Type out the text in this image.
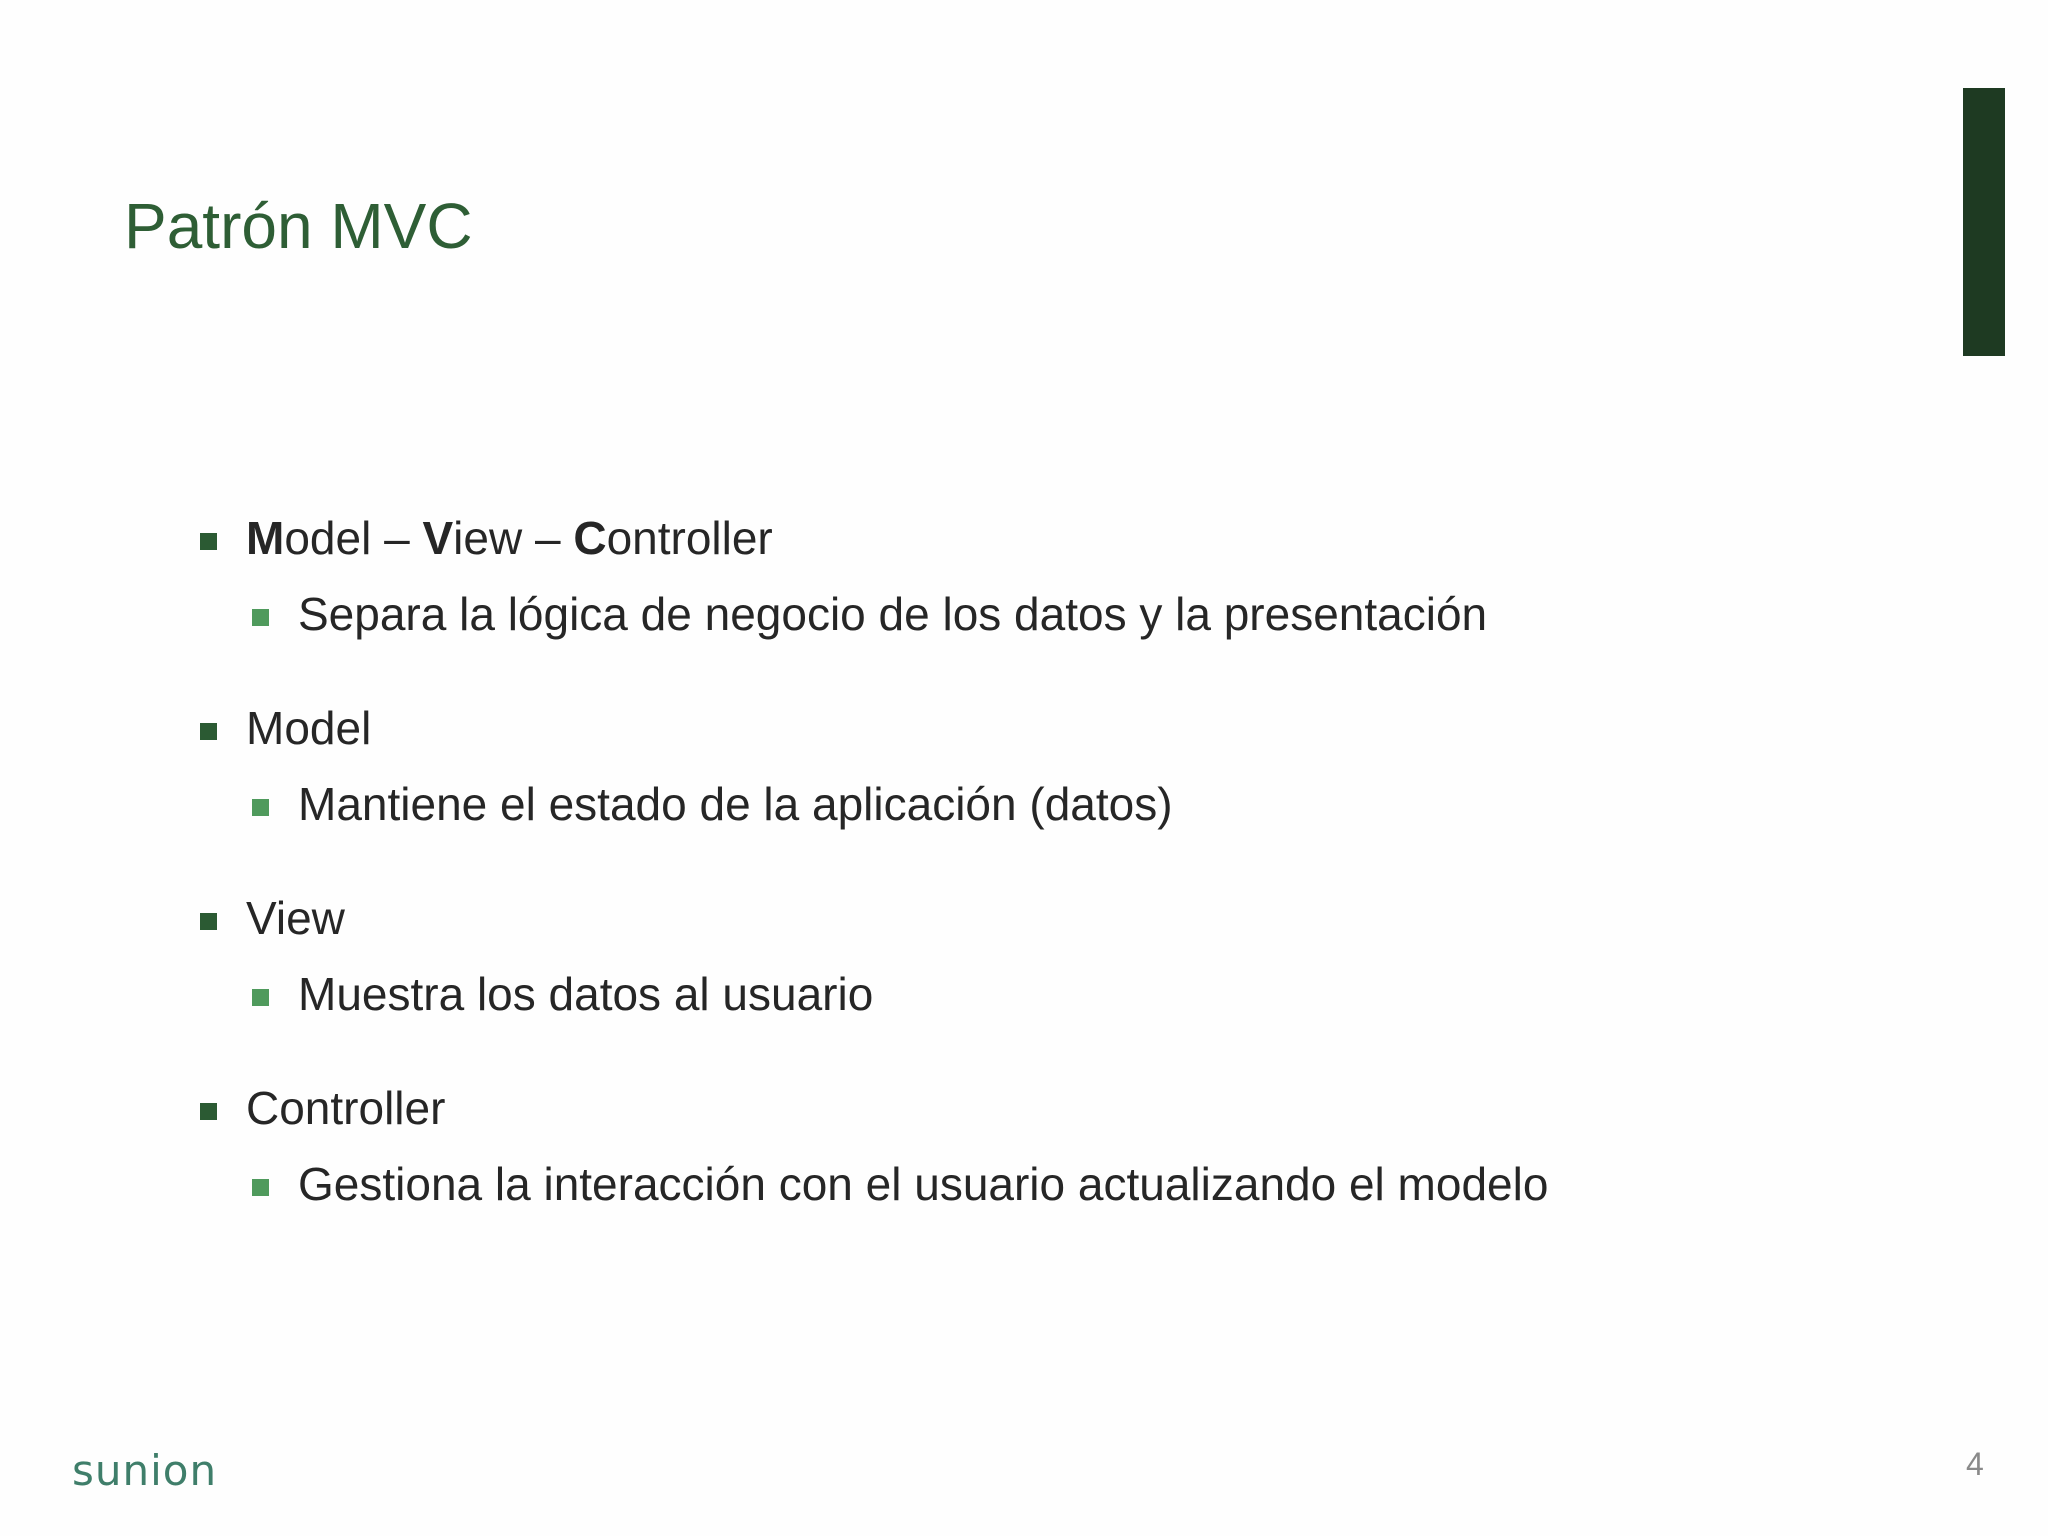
Patrón MVC
Model – View – Controller
Separa la lógica de negocio de los datos y la presentación
Model
Mantiene el estado de la aplicación (datos)
View
Muestra los datos al usuario
Controller
Gestiona la interacción con el usuario actualizando el modelo
sunion	4
